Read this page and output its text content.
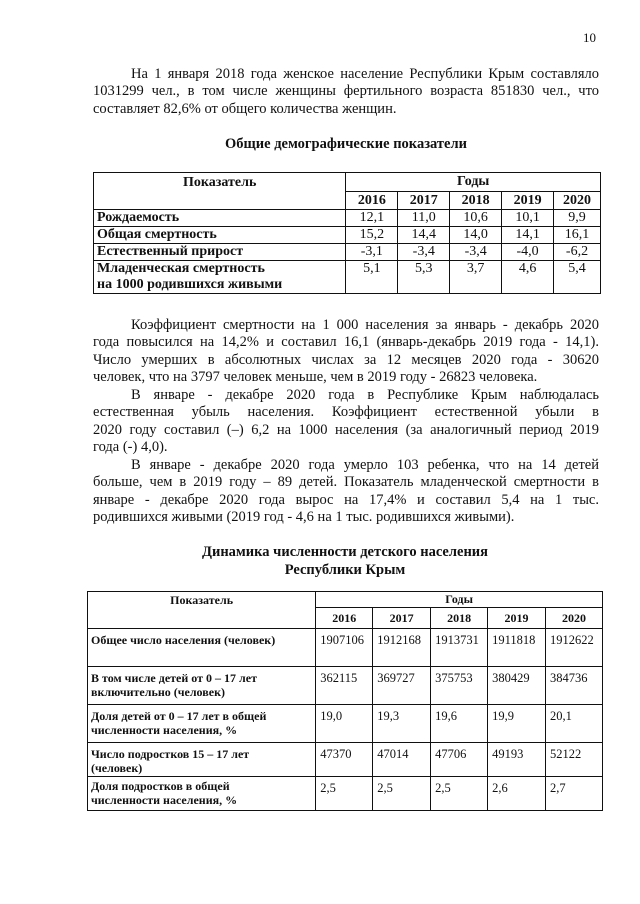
10

На 1 января 2018 года женское население Республики Крым составляло
1031299 чел., в том числе женщины фертильного возраста 851830 чел., что
составляет 82,6% от общего количества женщин.

Общие демографические показатели

Показатель	Годы				
	2016	2017	2018	2019	2020
Рождаемость	12,1	11,0	10,6	10,1	9,9
Общая смертность	15,2	14,4	14,0	14,1	16,1
Естественный прирост	-3,1	-3,4	-3,4	-4,0	-6,2

Младенческая смертность
на 1000 родившихся живыми	5,1	5,3	3,7	4,6	5,4

Коэффициент смертности на 1 000 населения за январь - декабрь 2020
года повысился на 14,2% и составил 16,1 (январь-декабрь 2019 года - 14,1).
Число умерших в абсолютных числах за 12 месяцев 2020 года - 30620
человек, что на 3797 человек меньше, чем в 2019 году - 26823 человека.

В январе - декабре 2020 года в Республике Крым наблюдалась
естественная убыль населения. Коэффициент естественной убыли в
2020 году составил (–) 6,2 на 1000 населения (за аналогичный период 2019
года (-) 4,0).

В январе - декабре 2020 года умерло 103 ребенка, что на 14 детей
больше, чем в 2019 году – 89 детей. Показатель младенческой смертности в
январе - декабре 2020 года вырос на 17,4% и составил 5,4 на 1 тыс.
родившихся живыми (2019 год - 4,6 на 1 тыс. родившихся живыми).

Динамика численности детского населения
Республики Крым

Показатель	Годы				
	2016	2017	2018	2019	2020

Общее число населения (человек)	1907106	1912168	1913731	1911818	1912622

В том числе детей от 0 – 17 лет
включительно (человек)	362115	369727	375753	380429	384736

Доля детей от 0 – 17 лет в общей
численности населения, %	19,0	19,3	19,6	19,9	20,1

Число подростков 15 – 17 лет
(человек)	47370	47014	47706	49193	52122

Доля подростков в общей
численности населения, %	2,5	2,5	2,5	2,6	2,7
